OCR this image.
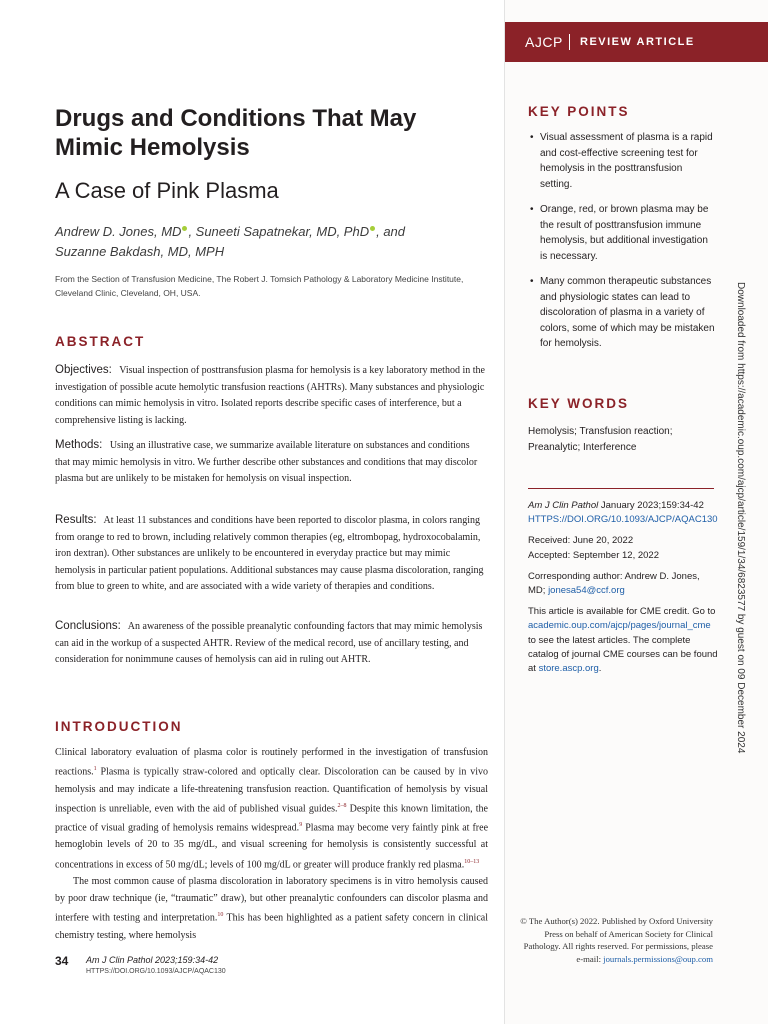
AJCP REVIEW ARTICLE
Drugs and Conditions That May Mimic Hemolysis
A Case of Pink Plasma
Andrew D. Jones, MD , Suneeti Sapatnekar, MD, PhD , and
Suzanne Bakdash, MD, MPH
From the Section of Transfusion Medicine, The Robert J. Tomsich Pathology & Laboratory Medicine Institute, Cleveland Clinic, Cleveland, OH, USA.
ABSTRACT
Objectives: Visual inspection of posttransfusion plasma for hemolysis is a key laboratory method in the investigation of possible acute hemolytic transfusion reactions (AHTRs). Many substances and physiologic conditions can mimic hemolysis in vitro. Isolated reports describe specific cases of interference, but a comprehensive listing is lacking.
Methods: Using an illustrative case, we summarize available literature on substances and conditions that may mimic hemolysis in vitro. We further describe other substances and conditions that may discolor plasma but are unlikely to be mistaken for hemolysis on visual inspection.
Results: At least 11 substances and conditions have been reported to discolor plasma, in colors ranging from orange to red to brown, including relatively common therapies (eg, eltrombopag, hydroxocobalamin, iron dextran). Other substances are unlikely to be encountered in everyday practice but may mimic hemolysis in particular patient populations. Additional substances may cause plasma discoloration, ranging from blue to green to white, and are associated with a wide variety of therapies and conditions.
Conclusions: An awareness of the possible preanalytic confounding factors that may mimic hemolysis can aid in the workup of a suspected AHTR. Review of the medical record, use of ancillary testing, and consideration for nonimmune causes of hemolysis can aid in ruling out AHTR.
INTRODUCTION

Clinical laboratory evaluation of plasma color is routinely performed in the investigation of transfusion reactions.$^1$ Plasma is typically straw-colored and optically clear. Discoloration can be caused by in vivo hemolysis and may indicate a life-threatening transfusion reaction. Quantification of hemolysis by visual inspection is unreliable, even with the aid of published visual guides.$^{2-8}$ Despite this known limitation, the practice of visual grading of hemolysis remains widespread.$^9$ Plasma may become very faintly pink at free hemoglobin levels of 20 to 35 mg/dL, and visual screening for hemolysis is consistently successful at concentrations in excess of 50 mg/dL; levels of 100 mg/dL or greater will produce frankly red plasma.$^{10-13}$

The most common cause of plasma discoloration in laboratory specimens is in vitro hemolysis caused by poor draw technique (ie, “traumatic” draw), but other preanalytic confounders can discolor plasma and interfere with testing and interpretation.$^{10}$ This has been highlighted as a patient safety concern in clinical chemistry testing, where hemolysis

34 Am J Clin Pathol 2023;159:34-42
HTTPS://DOI.ORG/10.1093/AJCP/AQAC130
KEY POINTS
• Visual assessment of plasma is a rapid and cost-effective screening test for hemolysis in the posttransfusion setting.
• Orange, red, or brown plasma may be the result of posttransfusion immune hemolysis, but additional investigation is necessary.
• Many common therapeutic substances and physiologic states can lead to discoloration of plasma in a variety of colors, some of which may be mistaken for hemolysis.
KEY WORDS
Hemolysis; Transfusion reaction; Preanalytic; Interference

Am J Clin Pathol January 2023;159:34-42
HTTPS://DOI.ORG/10.1093/AJCP/AQAC130

Received: June 20, 2022
Accepted: September 12, 2022

Corresponding author: Andrew D. Jones, MD; jonesa54@ccf.org

This article is available for CME credit. Go to academic.oup.com/ajcp/pages/journal_cme to see the latest articles. The complete catalog of journal CME courses can be found at store.ascp.org.

© The Author(s) 2022. Published by Oxford University Press on behalf of American Society for Clinical Pathology. All rights reserved. For permissions, please e-mail: journals.permissions@oup.com
Downloaded from https://academic.oup.com/ajcp/article/159/1/34/6823577 by guest on 09 December 2024
